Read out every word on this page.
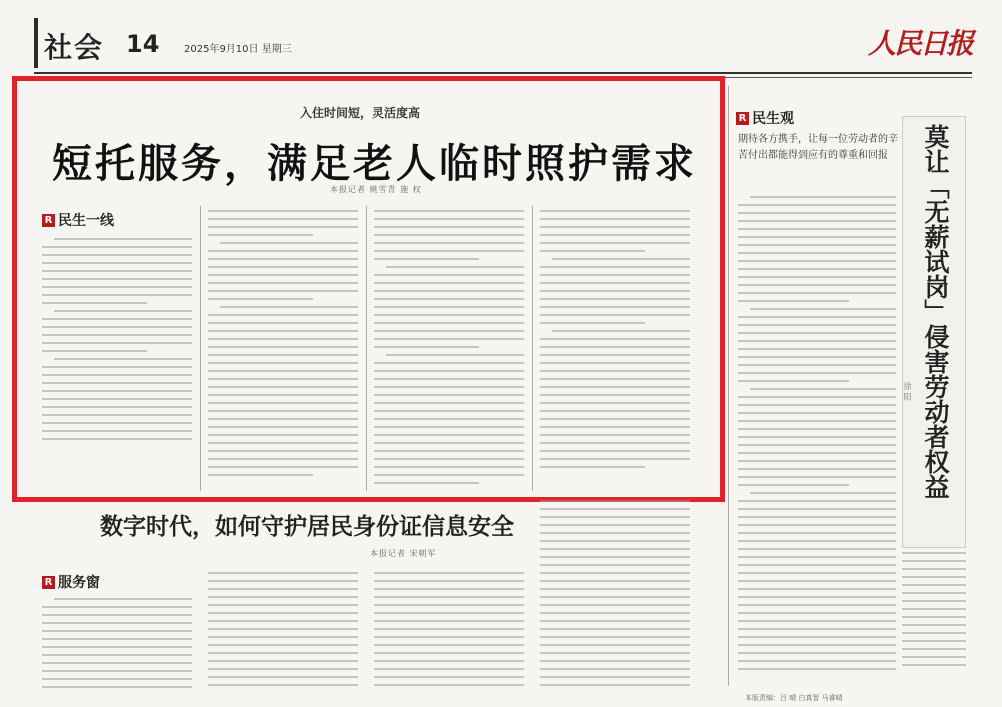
社会 14 2025年9月10日 星期三	人民日报
入住时间短，灵活度高
短托服务，满足老人临时照护需求
本报记者 姚雪青 施 权
R 民生一线
数字时代，如何守护居民身份证信息安全
本报记者 宋朝军
R 服务窗
R 民生观
期待各方携手，让每一位劳动者的辛苦付出都能得到应有的尊重和回报	莫让「无薪试岗」侵害劳动者权益
徐 阳
本版责编：吕 晴 白真智 马睿晴
